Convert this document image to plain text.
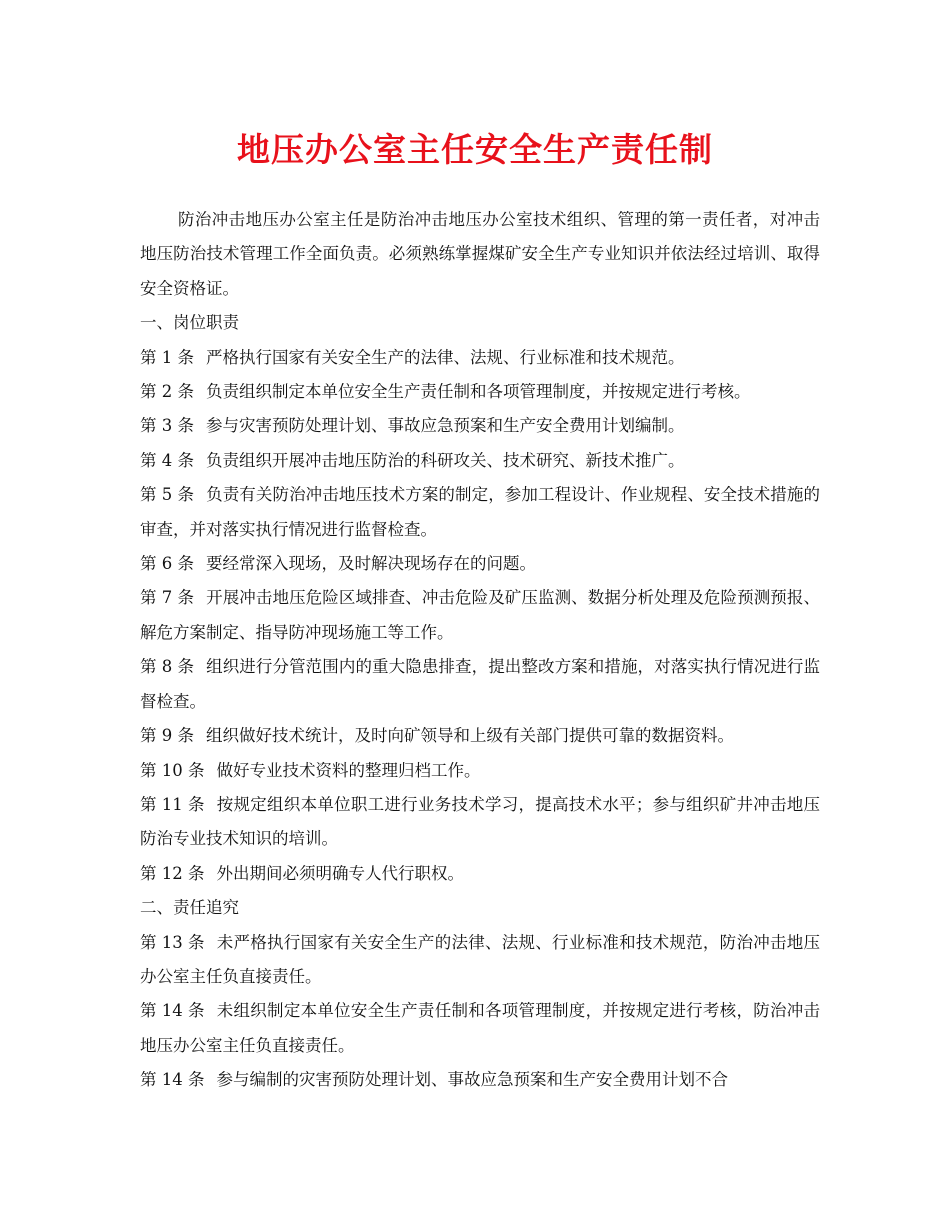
地压办公室主任安全生产责任制

防治冲击地压办公室主任是防治冲击地压办公室技术组织、管理的第一责任者，对冲击地压防治技术管理工作全面负责。必须熟练掌握煤矿安全生产专业知识并依法经过培训、取得安全资格证。

一、岗位职责

第 1 条 严格执行国家有关安全生产的法律、法规、行业标准和技术规范。

第 2 条 负责组织制定本单位安全生产责任制和各项管理制度，并按规定进行考核。

第 3 条 参与灾害预防处理计划、事故应急预案和生产安全费用计划编制。

第 4 条 负责组织开展冲击地压防治的科研攻关、技术研究、新技术推广。

第 5 条 负责有关防治冲击地压技术方案的制定，参加工程设计、作业规程、安全技术措施的审查，并对落实执行情况进行监督检查。

第 6 条 要经常深入现场，及时解决现场存在的问题。

第 7 条 开展冲击地压危险区域排查、冲击危险及矿压监测、数据分析处理及危险预测预报、解危方案制定、指导防冲现场施工等工作。

第 8 条 组织进行分管范围内的重大隐患排查，提出整改方案和措施，对落实执行情况进行监督检查。

第 9 条 组织做好技术统计，及时向矿领导和上级有关部门提供可靠的数据资料。

第 10 条 做好专业技术资料的整理归档工作。

第 11 条 按规定组织本单位职工进行业务技术学习，提高技术水平；参与组织矿井冲击地压防治专业技术知识的培训。

第 12 条 外出期间必须明确专人代行职权。

二、责任追究

第 13 条 未严格执行国家有关安全生产的法律、法规、行业标准和技术规范，防治冲击地压办公室主任负直接责任。

第 14 条 未组织制定本单位安全生产责任制和各项管理制度，并按规定进行考核，防治冲击地压办公室主任负直接责任。

第 14 条 参与编制的灾害预防处理计划、事故应急预案和生产安全费用计划不合
